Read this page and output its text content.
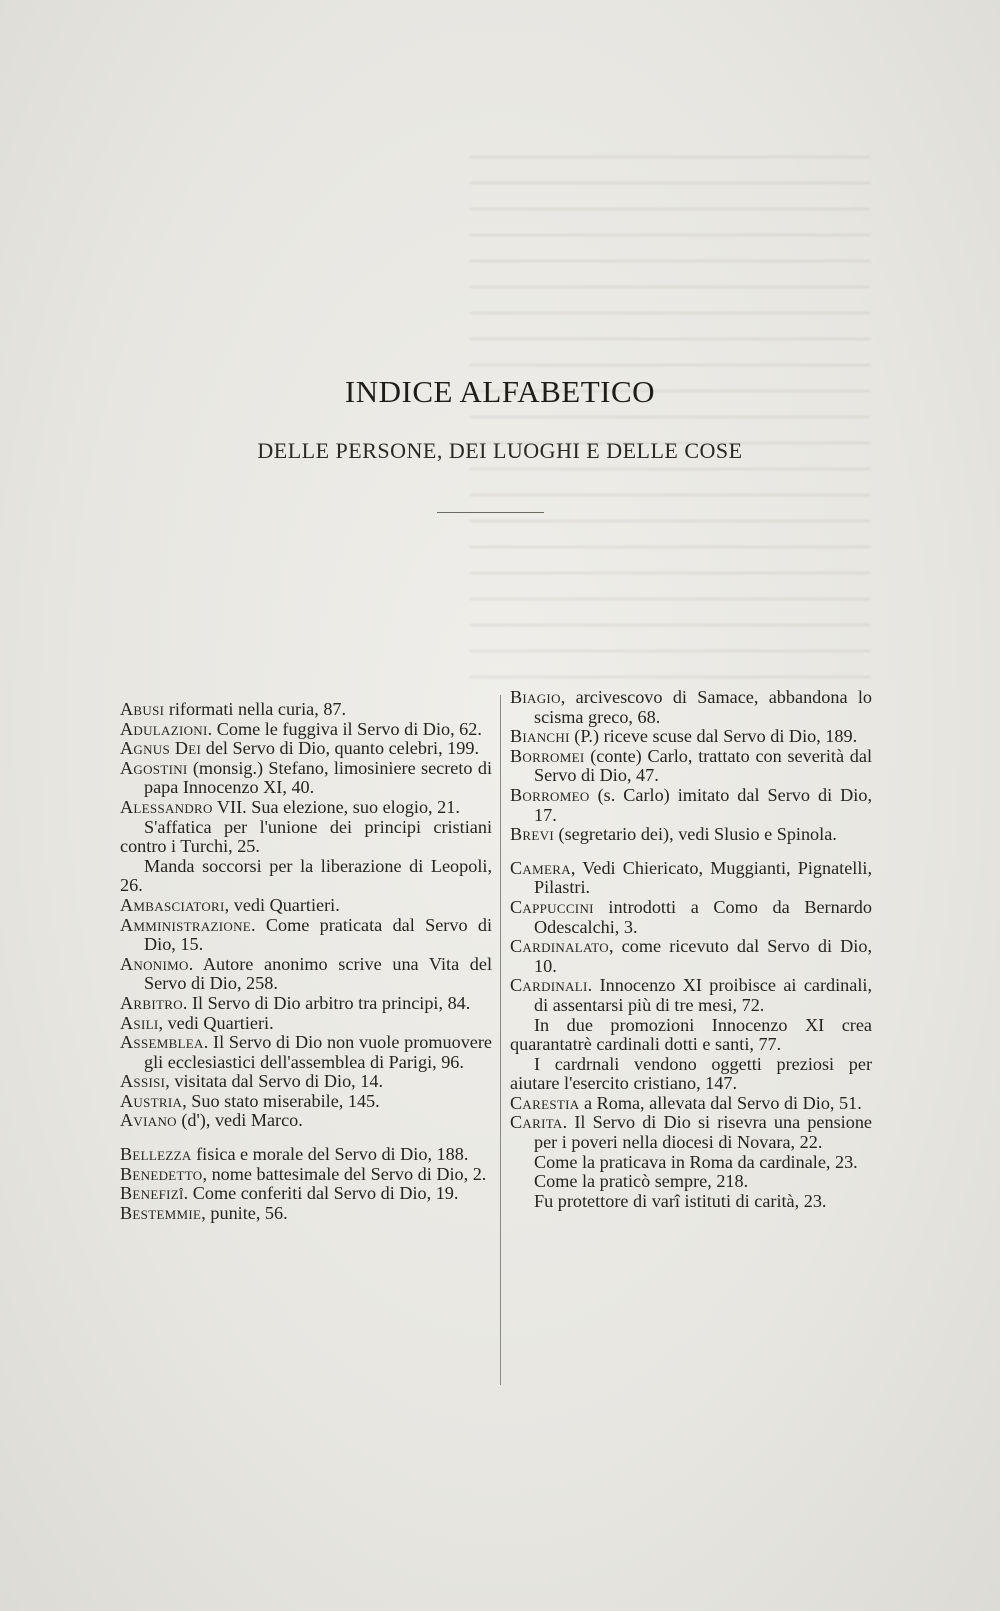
INDICE ALFABETICO
DELLE PERSONE, DEI LUOGHI E DELLE COSE
Abusi riformati nella curia, 87.
Adulazioni. Come le fuggiva il Servo di Dio, 62.
Agnus Dei del Servo di Dio, quanto celebri, 199.
Agostini (monsig.) Stefano, limosiniere secreto di papa Innocenzo XI, 40.
Alessandro VII. Sua elezione, suo elogio, 21.
S'affatica per l'unione dei principi cristiani contro i Turchi, 25.
Manda soccorsi per la liberazione di Leopoli, 26.
Ambasciatori, vedi Quartieri.
Amministrazione. Come praticata dal Servo di Dio, 15.
Anonimo. Autore anonimo scrive una Vita del Servo di Dio, 258.
Arbitro. Il Servo di Dio arbitro tra principi, 84.
Asili, vedi Quartieri.
Assemblea. Il Servo di Dio non vuole promuovere gli ecclesiastici dell'assemblea di Parigi, 96.
Assisi, visitata dal Servo di Dio, 14.
Austria, Suo stato miserabile, 145.
Aviano (d'), vedi Marco.
Bellezza fisica e morale del Servo di Dio, 188.
Benedetto, nome battesimale del Servo di Dio, 2.
Benefizî. Come conferiti dal Servo di Dio, 19.
Bestemmie, punite, 56.
Biagio, arcivescovo di Samace, abbandona lo scisma greco, 68.
Bianchi (P.) riceve scuse dal Servo di Dio, 189.
Borromei (conte) Carlo, trattato con severità dal Servo di Dio, 47.
Borromeo (s. Carlo) imitato dal Servo di Dio, 17.
Brevi (segretario dei), vedi Slusio e Spinola.
Camera, Vedi Chiericato, Muggianti, Pignatelli, Pilastri.
Cappuccini introdotti a Como da Bernardo Odescalchi, 3.
Cardinalato, come ricevuto dal Servo di Dio, 10.
Cardinali. Innocenzo XI proibisce ai cardinali, di assentarsi più di tre mesi, 72.
In due promozioni Innocenzo XI crea quarantatrè cardinali dotti e santi, 77.
I cardrnali vendono oggetti preziosi per aiutare l'esercito cristiano, 147.
Carestia a Roma, allevata dal Servo di Dio, 51.
Carita. Il Servo di Dio si risevra una pensione per i poveri nella diocesi di Novara, 22.
Come la praticava in Roma da cardinale, 23.
Come la praticò sempre, 218.
Fu protettore di varî istituti di carità, 23.
